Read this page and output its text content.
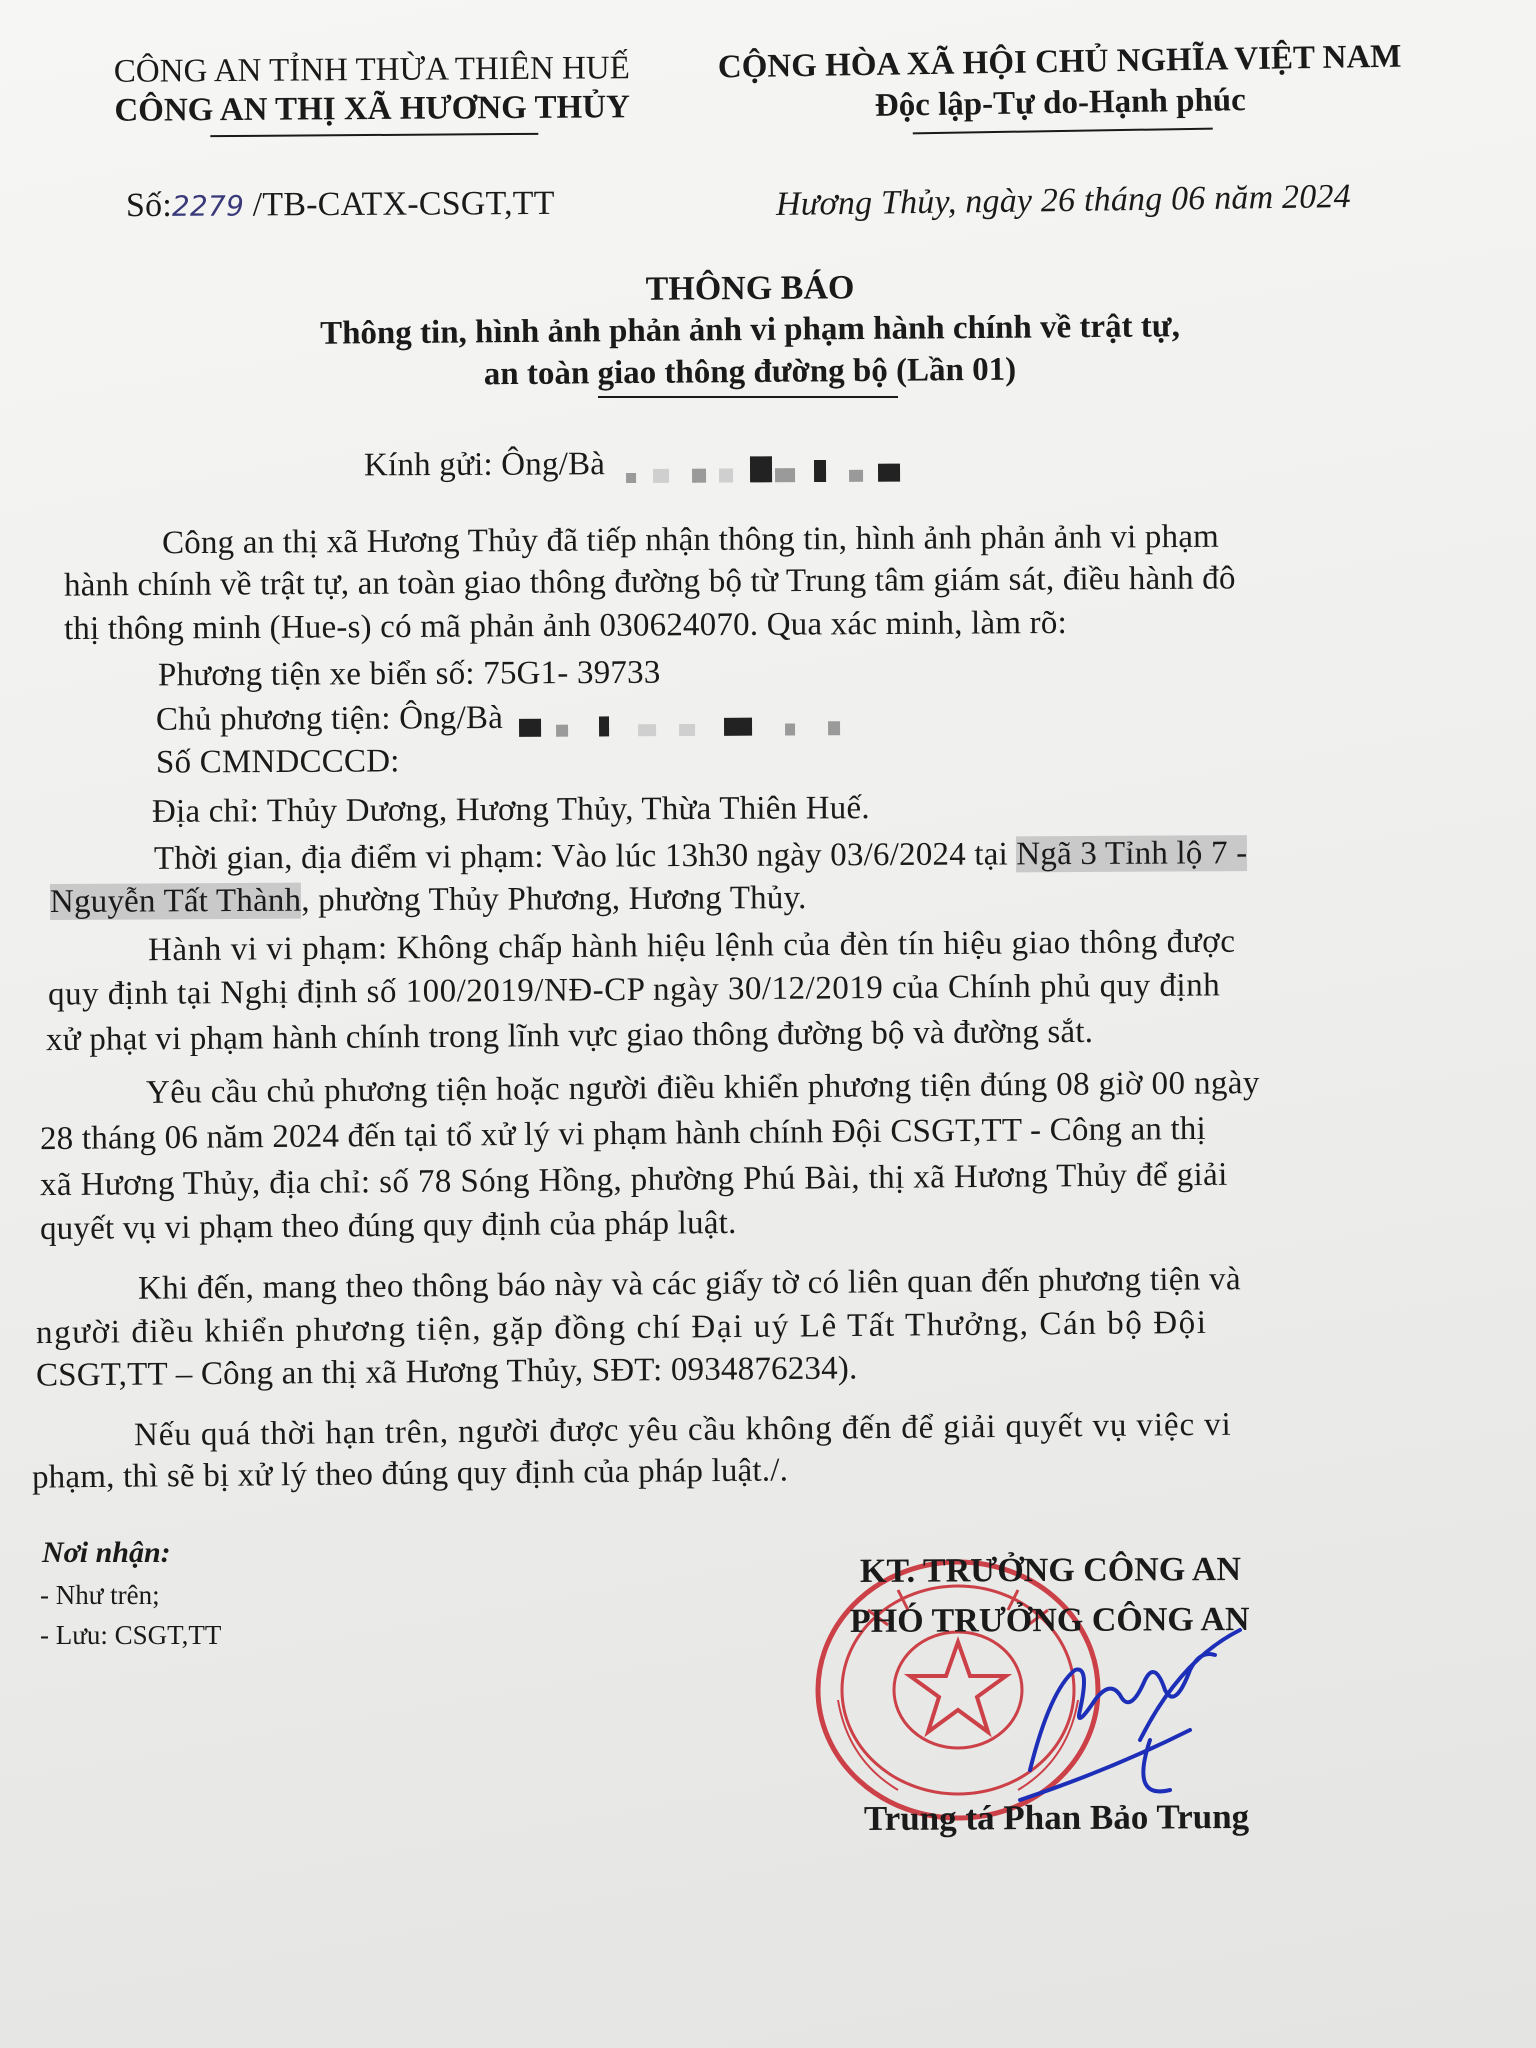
CÔNG AN TỈNH THỪA THIÊN HUẾ
CÔNG AN THỊ XÃ HƯƠNG THỦY
CỘNG HÒA XÃ HỘI CHỦ NGHĨA VIỆT NAM
Độc lập-Tự do-Hạnh phúc
Số:2279 /TB-CATX-CSGT,TT	Hương Thủy, ngày 26 tháng 06 năm 2024
THÔNG BÁO
Thông tin, hình ảnh phản ảnh vi phạm hành chính về trật tự,
an toàn giao thông đường bộ (Lần 01)
Kính gửi: Ông/Bà
Công an thị xã Hương Thủy đã tiếp nhận thông tin, hình ảnh phản ảnh vi phạm
hành chính về trật tự, an toàn giao thông đường bộ từ Trung tâm giám sát, điều hành đô
thị thông minh (Hue-s) có mã phản ảnh 030624070. Qua xác minh, làm rõ:
Phương tiện xe biển số: 75G1- 39733
Chủ phương tiện: Ông/Bà
Số CMNDCCCD:
Địa chỉ: Thủy Dương, Hương Thủy, Thừa Thiên Huế.
Thời gian, địa điểm vi phạm: Vào lúc 13h30 ngày 03/6/2024 tại Ngã 3 Tỉnh lộ 7 -
Nguyễn Tất Thành, phường Thủy Phương, Hương Thủy.
Hành vi vi phạm: Không chấp hành hiệu lệnh của đèn tín hiệu giao thông được
quy định tại Nghị định số 100/2019/NĐ-CP ngày 30/12/2019 của Chính phủ quy định
xử phạt vi phạm hành chính trong lĩnh vực giao thông đường bộ và đường sắt.
Yêu cầu chủ phương tiện hoặc người điều khiển phương tiện đúng 08 giờ 00 ngày
28 tháng 06 năm 2024 đến tại tổ xử lý vi phạm hành chính Đội CSGT,TT - Công an thị
xã Hương Thủy, địa chỉ: số 78 Sóng Hồng, phường Phú Bài, thị xã Hương Thủy để giải
quyết vụ vi phạm theo đúng quy định của pháp luật.
Khi đến, mang theo thông báo này và các giấy tờ có liên quan đến phương tiện và
người điều khiển phương tiện, gặp đồng chí Đại uý Lê Tất Thưởng, Cán bộ Đội
CSGT,TT – Công an thị xã Hương Thủy, SĐT: 0934876234).
Nếu quá thời hạn trên, người được yêu cầu không đến để giải quyết vụ việc vi
phạm, thì sẽ bị xử lý theo đúng quy định của pháp luật./.
Nơi nhận:
- Như trên;
- Lưu: CSGT,TT
KT. TRƯỞNG CÔNG AN
PHÓ TRƯỞNG CÔNG AN
Trung tá Phan Bảo Trung
